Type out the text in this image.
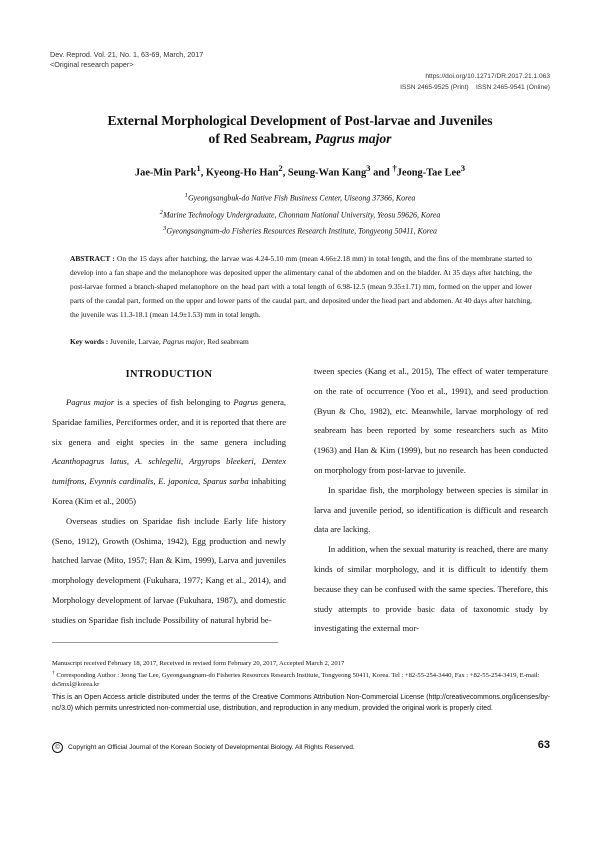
Dev. Reprod. Vol. 21, No. 1, 63-69, March, 2017
<Original research paper>
https://doi.org/10.12717/DR.2017.21.1.063
ISSN 2465-9525 (Print)    ISSN 2465-9541 (Online)
External Morphological Development of Post-larvae and Juveniles
of Red Seabream, Pagrus major
Jae-Min Park$^1$, Kyeong-Ho Han$^2$, Seung-Wan Kang$^3$ and †Jeong-Tae Lee$^3$
$^1$Gyeongsangbuk-do Native Fish Business Center, Uiseong 37366, Korea
$^2$Marine Technology Undergraduate, Chonnam National University, Yeosu 59626, Korea
$^3$Gyeongsangnam-do Fisheries Resources Research Institute, Tongyeong 50411, Korea
ABSTRACT : On the 15 days after hatching, the larvae was 4.24-5.10 mm (mean 4.66±2.18 mm) in total length, and the fins of the membrane started to develop into a fan shape and the melanophore was deposited upper the alimentary canal of the abdomen and on the bladder. At 35 days after hatching, the post-larvae formed a branch-shaped melanophore on the head part with a total length of 6.98-12.5 (mean 9.35±1.71) mm, formed on the upper and lower parts of the caudal part, formed on the upper and lower parts of the caudal part, and deposited under the head part and abdomen. At 40 days after hatching, the juvenile was 11.3-18.1 (mean 14.9±1.53) mm in total length.
Key words : Juvenile, Larvae, Pagrus major, Red seabream
INTRODUCTION

Pagrus major is a species of fish belonging to Pagrus genera, Sparidae families, Perciformes order, and it is reported that there are six genera and eight species in the same genera including Acanthopagrus latus, A. schlegelii, Argyrops bleekeri, Dentex tumifrons, Evynnis cardinalis, E. japonica, Sparus sarba inhabiting Korea (Kim et al., 2005)

Overseas studies on Sparidae fish include Early life history (Seno, 1912), Growth (Oshima, 1942), Egg production and newly hatched larvae (Mito, 1957; Han & Kim, 1999), Larva and juveniles morphology development (Fukuhara, 1977; Kang et al., 2014), and Morphology development of larvae (Fukuhara, 1987), and domestic studies on Sparidae fish include Possibility of natural hybrid be-

tween species (Kang et al., 2015), The effect of water temperature on the rate of occurrence (Yoo et al., 1991), and seed production (Byun & Cho, 1982), etc. Meanwhile, larvae morphology of red seabream has been reported by some researchers such as Mito (1963) and Han & Kim (1999), but no research has been conducted on morphology from post-larvae to juvenile.

In sparidae fish, the morphology between species is similar in larva and juvenile period, so identification is difficult and research data are lacking.

In addition, when the sexual maturity is reached, there are many kinds of similar morphology, and it is difficult to identify them because they can be confused with the same species. Therefore, this study attempts to provide basic data of taxonomic study by investigating the external mor-

Manuscript received February 18, 2017, Received in revised form February 20, 2017, Accepted March 2, 2017
† Corresponding Author : Jeong Tae Lee, Gyeongsangnam-do Fisheries Resources Research Institute, Tongyeong 50411, Korea. Tel : +82-55-254-3440, Fax : +82-55-254-3419, E-mail: ds5mxl@korea.kr
This is an Open Access article distributed under the terms of the Creative Commons Attribution Non-Commercial License (http://creativecommons.org/licenses/by-nc/3.0) which permits unrestricted non-commercial use, distribution, and reproduction in any medium, provided the original work is properly cited.
©	Copyright an Official Journal of the Korean Society of Developmental Biology. All Rights Reserved.	63
